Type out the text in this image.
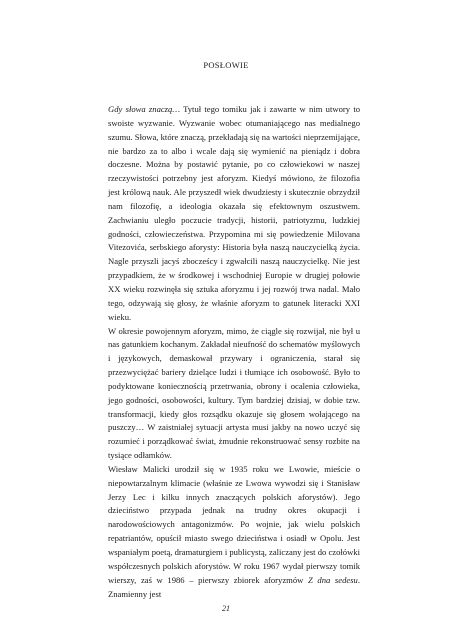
POSŁOWIE

Gdy słowa znaczą… Tytuł tego tomiku jak i zawarte w nim utwory to swoiste wyzwanie. Wyzwanie wobec otumaniającego nas medialnego szumu. Słowa, które znaczą, przekładają się na wartości nieprzemijające, nie bardzo za to albo i wcale dają się wymienić na pieniądz i dobra doczesne. Można by postawić pytanie, po co człowiekowi w naszej rzeczywistości potrzebny jest aforyzm. Kiedyś mówiono, że filozofia jest królową nauk. Ale przyszedł wiek dwudziesty i skutecznie obrzydził nam filozofię, a ideologia okazała się efektownym oszustwem. Zachwianiu uległo poczucie tradycji, historii, patriotyzmu, ludzkiej godności, człowieczeństwa. Przypomina mi się powiedzenie Milovana Vitezovića, serbskiego aforysty: Historia była naszą nauczycielką życia. Nagle przyszli jacyś zbocześcy i zgwałcili naszą nauczycielkę. Nie jest przypadkiem, że w środkowej i wschodniej Europie w drugiej połowie XX wieku rozwinęła się sztuka aforyzmu i jej rozwój trwa nadal. Mało tego, odzywają się głosy, że właśnie aforyzm to gatunek literacki XXI wieku.

W okresie powojennym aforyzm, mimo, że ciągle się rozwijał, nie był u nas gatunkiem kochanym. Zakładał nieufność do schematów myślowych i językowych, demaskował przywary i ograniczenia, starał się przezwyciężać bariery dzielące ludzi i tłumiące ich osobowość. Było to podyktowane koniecznością przetrwania, obrony i ocalenia człowieka, jego godności, osobowości, kultury. Tym bardziej dzisiaj, w dobie tzw. transformacji, kiedy głos rozsądku okazuje się głosem wołającego na puszczy… W zaistniałej sytuacji artysta musi jakby na nowo uczyć się rozumieć i porządkować świat, żmudnie rekonstruować sensy rozbite na tysiące odłamków.

Wiesław Malicki urodził się w 1935 roku we Lwowie, mieście o niepowtarzalnym klimacie (właśnie ze Lwowa wywodzi się i Stanisław Jerzy Lec i kilku innych znaczących polskich aforystów). Jego dzieciństwo przypada jednak na trudny okres okupacji i narodowościowych antagonizmów. Po wojnie, jak wielu polskich repatriantów, opuścił miasto swego dzieciństwa i osiadł w Opolu. Jest wspaniałym poetą, dramaturgiem i publicystą, zaliczany jest do czołówki współczesnych polskich aforystów. W roku 1967 wydał pierwszy tomik wierszy, zaś w 1986 – pierwszy zbiorek aforyzmów Z dna sedesu. Znamienny jest

21
